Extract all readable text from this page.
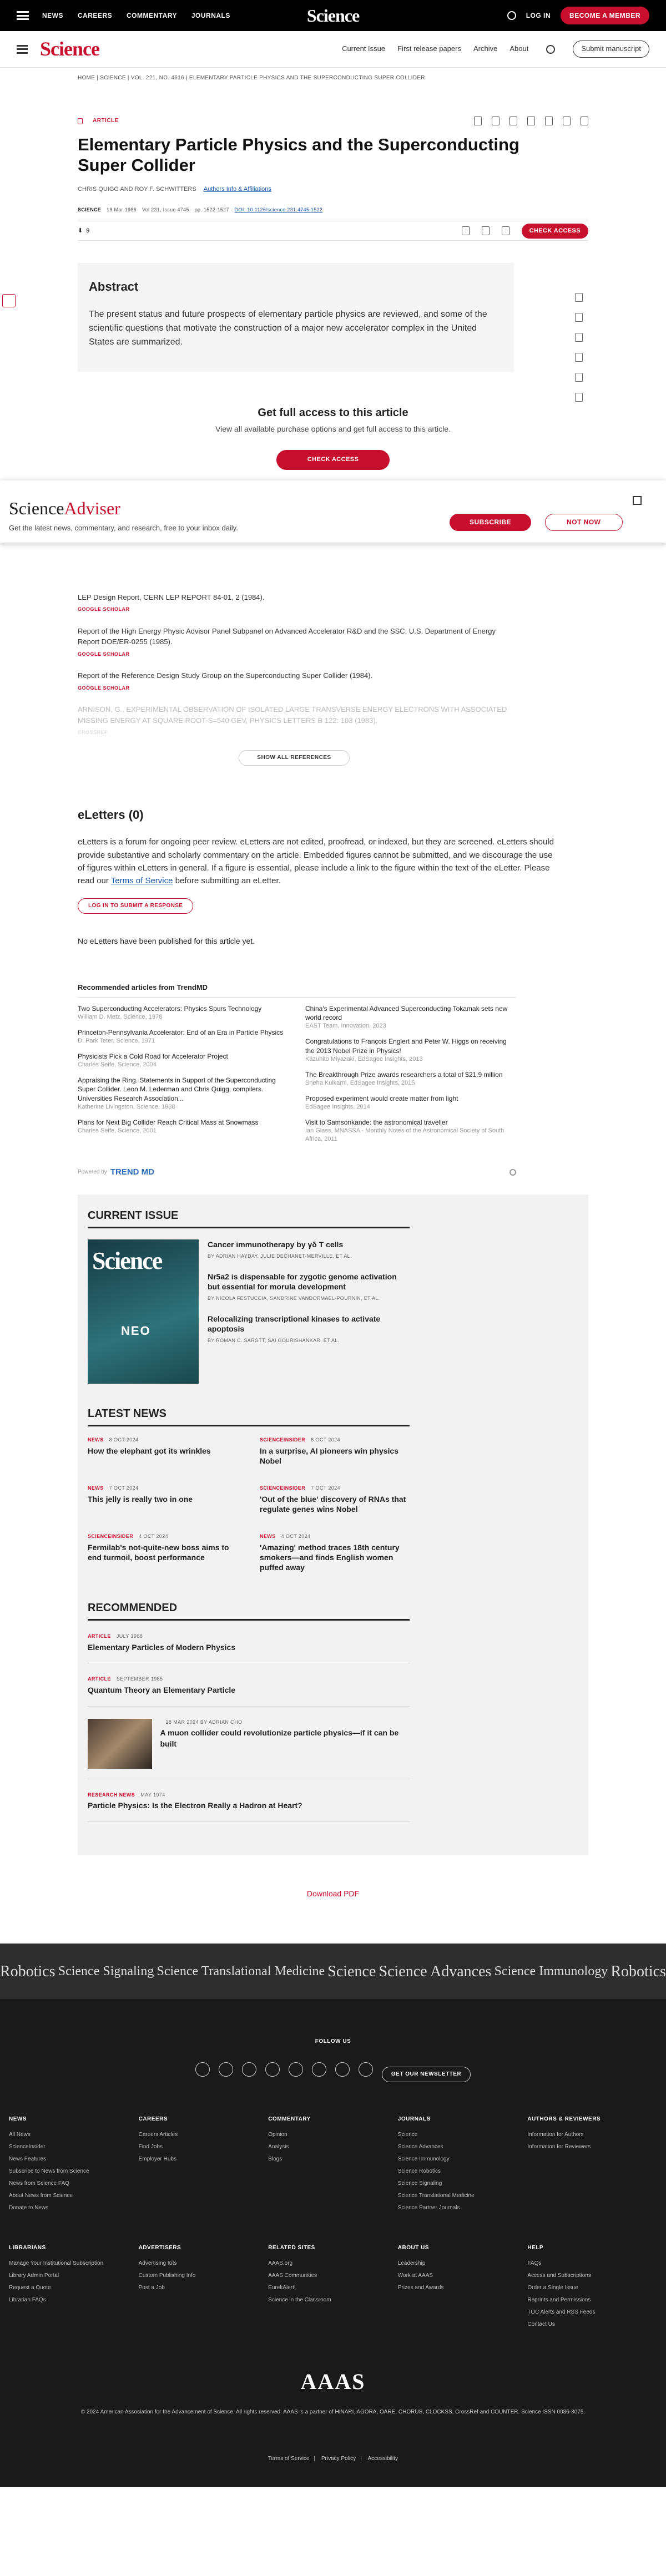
NEWS CAREERS COMMENTARY JOURNALS	Science	LOG IN	BECOME A MEMBER
Science	Current Issue First release papers Archive About	Submit manuscript
HOME | SCIENCE | VOL. 221, NO. 4616 | ELEMENTARY PARTICLE PHYSICS AND THE SUPERCONDUCTING SUPER COLLIDER
ARTICLE
Elementary Particle Physics and the Superconducting Super Collider
CHRIS QUIGG AND ROY F. SCHWITTERS Authors Info & Affiliations
SCIENCE 18 Mar 1986 Vol 231, Issue 4745 pp. 1522-1527 DOI: 10.1126/science.231.4745.1522
⬇ 9	CHECK ACCESS
Abstract

The present status and future prospects of elementary particle physics are reviewed, and some of the scientific questions that motivate the construction of a major new accelerator complex in the United States are summarized.

Get full access to this article

View all available purchase options and get full access to this article.

CHECK ACCESS
LEP Design Report, CERN LEP REPORT 84-01, 2 (1984).
GOOGLE SCHOLAR
Report of the High Energy Physic Advisor Panel Subpanel on Advanced Accelerator R&D and the SSC, U.S. Department of Energy Report DOE/ER-0255 (1985).
GOOGLE SCHOLAR
Report of the Reference Design Study Group on the Superconducting Super Collider (1984).
GOOGLE SCHOLAR
ARNISON, G., EXPERIMENTAL OBSERVATION OF ISOLATED LARGE TRANSVERSE ENERGY ELECTRONS WITH ASSOCIATED MISSING ENERGY AT SQUARE ROOT-S=540 GEV, PHYSICS LETTERS B 122: 103 (1983).
CROSSREF
SHOW ALL REFERENCES
eLetters (0)

eLetters is a forum for ongoing peer review. eLetters are not edited, proofread, or indexed, but they are screened. eLetters should provide substantive and scholarly commentary on the article. Embedded figures cannot be submitted, and we discourage the use of figures within eLetters in general. If a figure is essential, please include a link to the figure within the text of the eLetter. Please read our Terms of Service before submitting an eLetter.

LOG IN TO SUBMIT A RESPONSE
No eLetters have been published for this article yet.
Recommended articles from TrendMD
Two Superconducting Accelerators: Physics Spurs Technology
William D. Metz, Science, 1978
Princeton-Pennsylvania Accelerator: End of an Era in Particle Physics
D. Park Teter, Science, 1971
Physicists Pick a Cold Road for Accelerator Project
Charles Seife, Science, 2004
Appraising the Ring. Statements in Support of the Superconducting Super Collider. Leon M. Lederman and Chris Quigg, compilers. Universities Research Association...
Katherine Livingston, Science, 1988
Plans for Next Big Collider Reach Critical Mass at Snowmass
Charles Seife, Science, 2001
China's Experimental Advanced Superconducting Tokamak sets new world record
EAST Team, Innovation, 2023
Congratulations to François Englert and Peter W. Higgs on receiving the 2013 Nobel Prize in Physics!
Kazuhito Miyazaki, EdSagee Insights, 2013
The Breakthrough Prize awards researchers a total of $21.9 million
Sneha Kulkarni, EdSagee Insights, 2015
Proposed experiment would create matter from light
EdSagee Insights, 2014
Visit to Samsonkande: the astronomical traveller
Ian Glass, MNASSA - Monthly Notes of the Astronomical Society of South Africa, 2011
Powered by TREND MD
CURRENT ISSUE
Science
NEO
Cancer immunotherapy by γδ T cells
BY ADRIAN HAYDAY, JULIE DECHANET-MERVILLE, ET AL.
Nr5a2 is dispensable for zygotic genome activation but essential for morula development
BY NICOLA FESTUCCIA, SANDRINE VANDORMAEL-POURNIN, ET AL.
Relocalizing transcriptional kinases to activate apoptosis
BY ROMAN C. SARGTT, SAI GOURISHANKAR, ET AL.
LATEST NEWS
NEWS 8 OCT 2024
How the elephant got its wrinkles
SCIENCEINSIDER 8 OCT 2024
In a surprise, AI pioneers win physics Nobel
NEWS 7 OCT 2024
This jelly is really two in one
SCIENCEINSIDER 7 OCT 2024
'Out of the blue' discovery of RNAs that regulate genes wins Nobel
SCIENCEINSIDER 4 OCT 2024
Fermilab's not-quite-new boss aims to end turmoil, boost performance
NEWS 4 OCT 2024
'Amazing' method traces 18th century smokers—and finds English women puffed away
RECOMMENDED
ARTICLE JULY 1968
Elementary Particles of Modern Physics
ARTICLE SEPTEMBER 1985
Quantum Theory an Elementary Particle
28 MAR 2024 BY ADRIAN CHO
A muon collider could revolutionize particle physics—if it can be built
RESEARCH NEWS MAY 1974
Particle Physics: Is the Electron Really a Hadron at Heart?
Download PDF
Robotics Science Signaling Science Translational Medicine Science Science Advances Science Immunology Robotics
FOLLOW US
GET OUR NEWSLETTER
NEWS
All News
ScienceInsider
News Features
Subscribe to News from Science
News from Science FAQ
About News from Science
Donate to News
CAREERS
Careers Articles
Find Jobs
Employer Hubs
COMMENTARY
Opinion
Analysis
Blogs
JOURNALS
Science
Science Advances
Science Immunology
Science Robotics
Science Signaling
Science Translational Medicine
Science Partner Journals
AUTHORS & REVIEWERS
Information for Authors
Information for Reviewers
LIBRARIANS
Manage Your Institutional Subscription
Library Admin Portal
Request a Quote
Librarian FAQs
ADVERTISERS
Advertising Kits
Custom Publishing Info
Post a Job
RELATED SITES
AAAS.org
AAAS Communities
EurekAlert!
Science in the Classroom
ABOUT US
Leadership
Work at AAAS
Prizes and Awards
HELP
FAQs
Access and Subscriptions
Order a Single Issue
Reprints and Permissions
TOC Alerts and RSS Feeds
Contact Us
AAAS
© 2024 American Association for the Advancement of Science. All rights reserved. AAAS is a partner of HINARI, AGORA, OARE, CHORUS, CLOCKSS, CrossRef and COUNTER. Science ISSN 0036-8075.
Terms of Service | Privacy Policy | Accessibility
ScienceAdviser
Get the latest news, commentary, and research, free to your inbox daily.
SUBSCRIBE	NOT NOW
